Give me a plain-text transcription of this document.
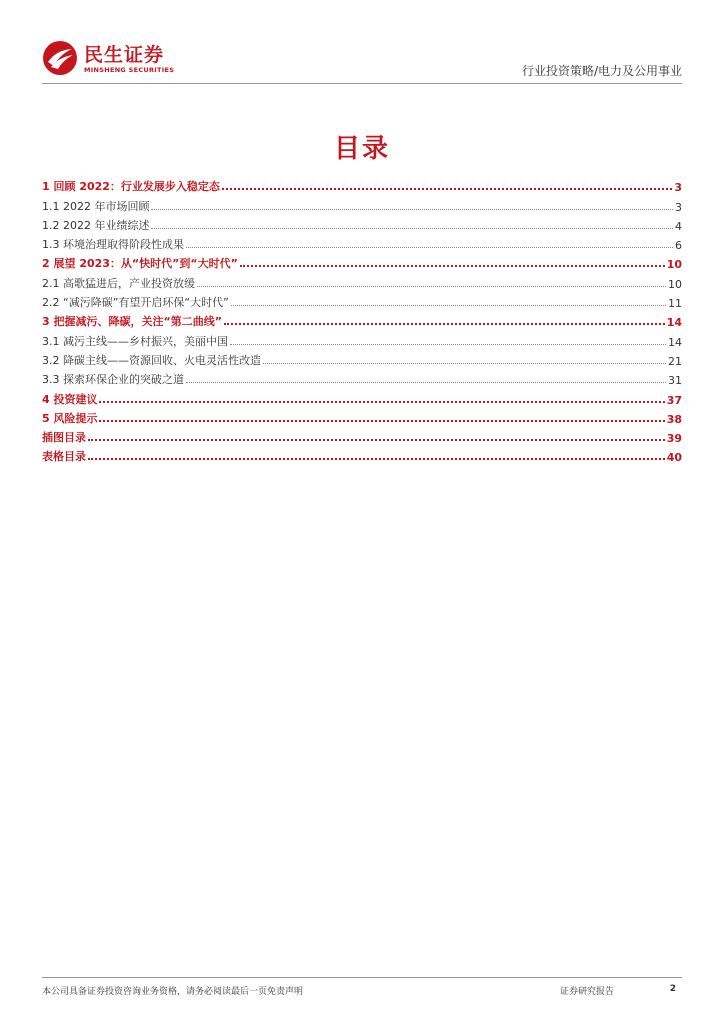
民生证券
MINSHENG SECURITIES	行业投资策略/电力及公用事业
目录
1 回顾 2022：行业发展步入稳定态	3
1.1 2022 年市场回顾	3
1.2 2022 年业绩综述	4
1.3 环境治理取得阶段性成果	6
2 展望 2023：从“快时代”到“大时代”	10
2.1 高歌猛进后，产业投资放缓	10
2.2 “减污降碳”有望开启环保“大时代”	11
3 把握减污、降碳，关注“第二曲线”	14
3.1 减污主线——乡村振兴，美丽中国	14
3.2 降碳主线——资源回收、火电灵活性改造	21
3.3 探索环保企业的突破之道	31
4 投资建议	37
5 风险提示	38
插图目录	39
表格目录	40
本公司具备证券投资咨询业务资格，请务必阅读最后一页免责声明	证券研究报告	2
